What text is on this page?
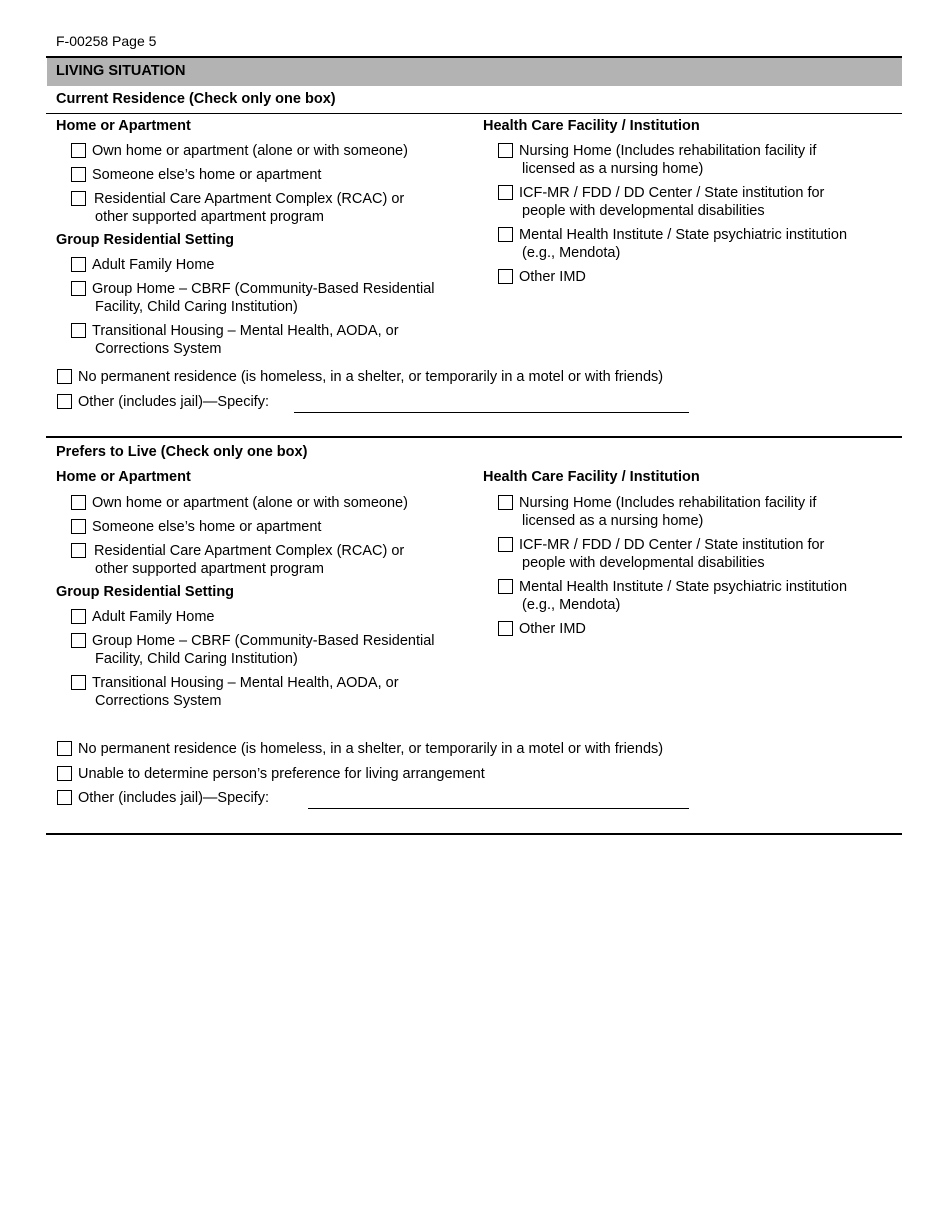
F-00258 Page 5
LIVING SITUATION
Current Residence (Check only one box)
Home or Apartment
Own home or apartment (alone or with someone)
Someone else’s home or apartment
Residential Care Apartment Complex (RCAC) or
other supported apartment program
Group Residential Setting
Adult Family Home
Group Home – CBRF (Community-Based Residential
Facility, Child Caring Institution)
Transitional Housing – Mental Health, AODA, or
Corrections System
Health Care Facility / Institution
Nursing Home (Includes rehabilitation facility if
licensed as a nursing home)
ICF-MR / FDD / DD Center / State institution for
people with developmental disabilities
Mental Health Institute / State psychiatric institution
(e.g., Mendota)
Other IMD
No permanent residence (is homeless, in a shelter, or temporarily in a motel or with friends)
Other (includes jail)—Specify:
Prefers to Live (Check only one box)
Home or Apartment
Own home or apartment (alone or with someone)
Someone else’s home or apartment
Residential Care Apartment Complex (RCAC) or
other supported apartment program
Group Residential Setting
Adult Family Home
Group Home – CBRF (Community-Based Residential
Facility, Child Caring Institution)
Transitional Housing – Mental Health, AODA, or
Corrections System
Health Care Facility / Institution
Nursing Home (Includes rehabilitation facility if
licensed as a nursing home)
ICF-MR / FDD / DD Center / State institution for
people with developmental disabilities
Mental Health Institute / State psychiatric institution
(e.g., Mendota)
Other IMD
No permanent residence (is homeless, in a shelter, or temporarily in a motel or with friends)
Unable to determine person’s preference for living arrangement
Other (includes jail)—Specify:
